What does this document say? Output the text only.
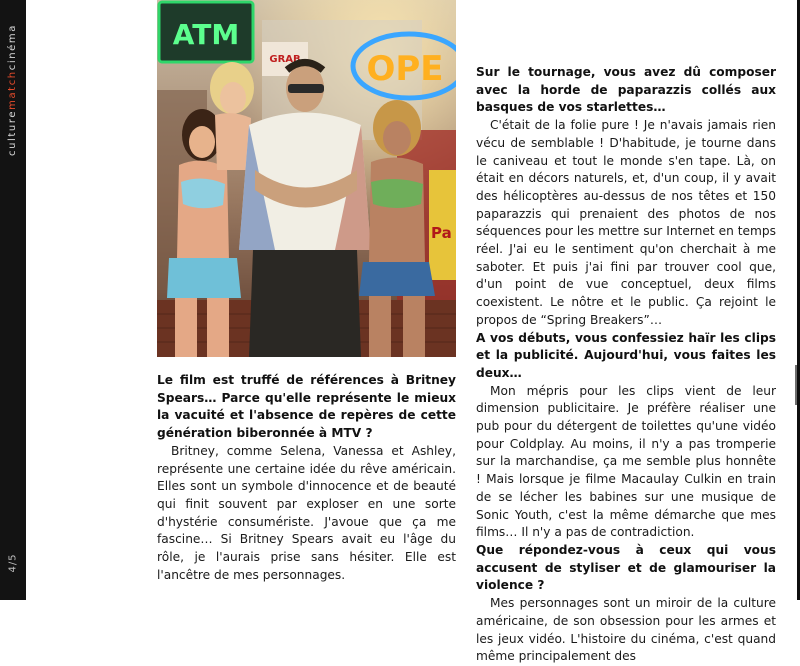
culturematchcinéma
4/5
ATM
OPE
GRAB
Pa

Le film est truffé de références à Britney Spears… Parce qu'elle représente le mieux la vacuité et l'absence de repères de cette génération biberonnée à MTV ?

Britney, comme Selena, Vanessa et Ashley, représente une certaine idée du rêve américain. Elles sont un symbole d'innocence et de beauté qui finit souvent par exploser en une sorte d'hystérie consumériste. J'avoue que ça me fascine… Si Britney Spears avait eu l'âge du rôle, je l'aurais prise sans hésiter. Elle est l'ancêtre de mes personnages.

Sur le tournage, vous avez dû composer avec la horde de paparazzis collés aux basques de vos starlettes…

C'était de la folie pure ! Je n'avais jamais rien vécu de semblable ! D'habitude, je tourne dans le caniveau et tout le monde s'en tape. Là, on était en décors naturels, et, d'un coup, il y avait des hélicoptères au-dessus de nos têtes et 150 paparazzis qui prenaient des photos de nos séquences pour les mettre sur Internet en temps réel. J'ai eu le sentiment qu'on cherchait à me saboter. Et puis j'ai fini par trouver cool que, d'un point de vue conceptuel, deux films coexistent. Le nôtre et le public. Ça rejoint le propos de “Spring Breakers”…

A vos débuts, vous confessiez haïr les clips et la publicité. Aujourd'hui, vous faites les deux…

Mon mépris pour les clips vient de leur dimension publicitaire. Je préfère réaliser une pub pour du détergent de toilettes qu'une vidéo pour Coldplay. Au moins, il n'y a pas tromperie sur la marchandise, ça me semble plus honnête ! Mais lorsque je filme Macaulay Culkin en train de se lécher les babines sur une musique de Sonic Youth, c'est la même démarche que mes films… Il n'y a pas de contradiction.

Que répondez-vous à ceux qui vous accusent de styliser et de glamouriser la violence ?

Mes personnages sont un miroir de la culture américaine, de son obsession pour les armes et les jeux vidéo. L'histoire du cinéma, c'est quand même principalement des
